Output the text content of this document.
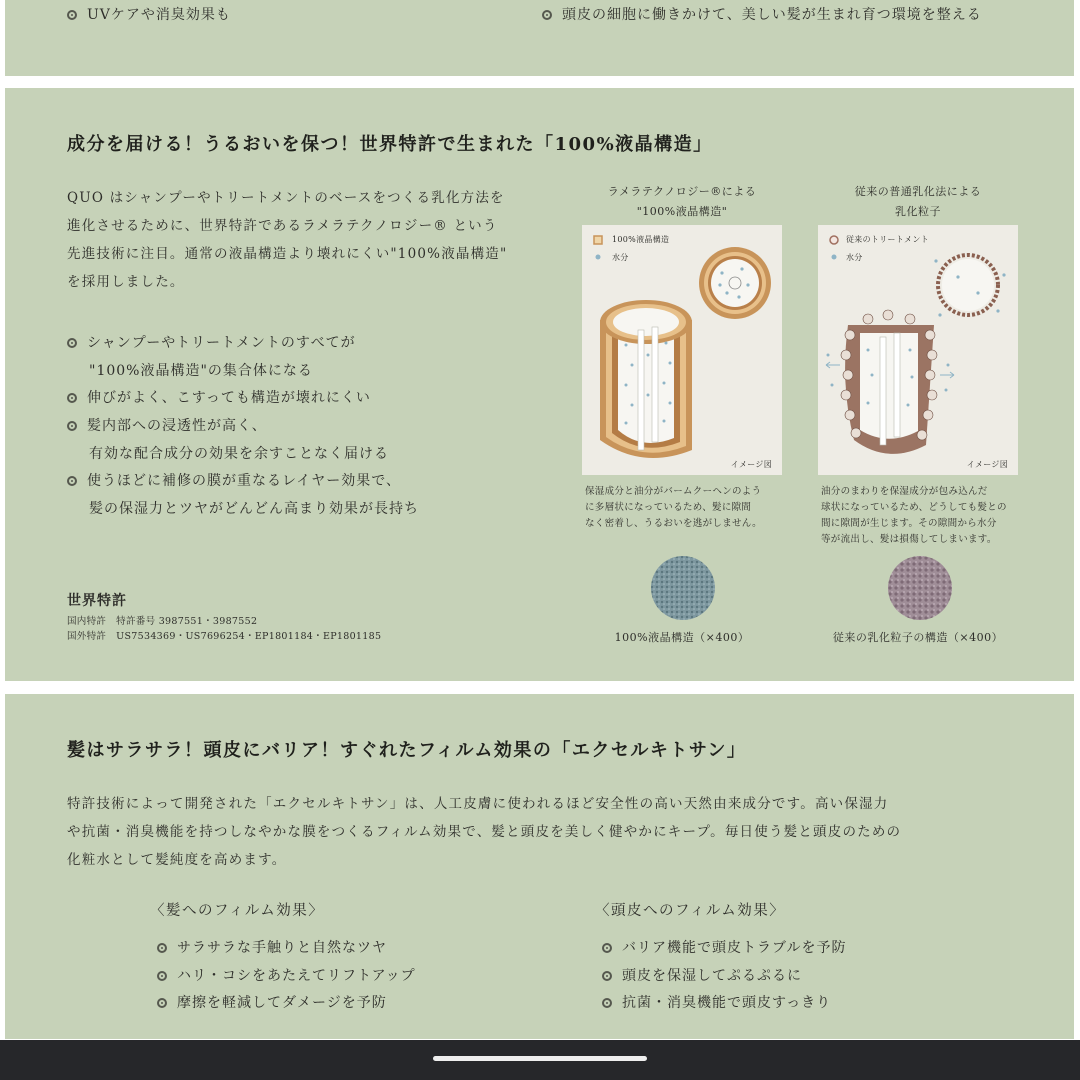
UVケアや消臭効果も	頭皮の細胞に働きかけて、美しい髪が生まれ育つ環境を整える
成分を届ける！うるおいを保つ！世界特許で生まれた「100%液晶構造」
QUO はシャンプーやトリートメントのベースをつくる乳化方法を
進化させるために、世界特許であるラメラテクノロジー® という
先進技術に注目。通常の液晶構造より壊れにくい"100%液晶構造"
を採用しました。
シャンプーやトリートメントのすべてが
"100%液晶構造"の集合体になる
伸びがよく、こすっても構造が壊れにくい
髪内部への浸透性が高く、
有効な配合成分の効果を余すことなく届ける
使うほどに補修の膜が重なるレイヤー効果で、
髪の保湿力とツヤがどんどん高まり効果が長持ち
世界特許
国内特許 特許番号 3987551・3987552
国外特許 US7534369・US7696254・EP1801184・EP1801185
ラメラテクノロジー®による
"100%液晶構造"
100%液晶構造
水分
イメージ図
保湿成分と油分がバームクーヘンのよう
に多層状になっているため、髪に隙間
なく密着し、うるおいを逃がしません。
100%液晶構造（×400）
従来の普通乳化法による
乳化粒子
従来のトリートメント
水分
イメージ図
油分のまわりを保湿成分が包み込んだ
球状になっているため、どうしても髪との
間に隙間が生じます。その隙間から水分
等が流出し、髪は損傷してしまいます。
従来の乳化粒子の構造（×400）
髪はサラサラ！頭皮にバリア！すぐれたフィルム効果の「エクセルキトサン」
特許技術によって開発された「エクセルキトサン」は、人工皮膚に使われるほど安全性の高い天然由来成分です。高い保湿力
や抗菌・消臭機能を持つしなやかな膜をつくるフィルム効果で、髪と頭皮を美しく健やかにキープ。毎日使う髪と頭皮のための
化粧水として髪純度を高めます。
〈髪へのフィルム効果〉
サラサラな手触りと自然なツヤ
ハリ・コシをあたえてリフトアップ
摩擦を軽減してダメージを予防
〈頭皮へのフィルム効果〉
バリア機能で頭皮トラブルを予防
頭皮を保湿してぷるぷるに
抗菌・消臭機能で頭皮すっきり
